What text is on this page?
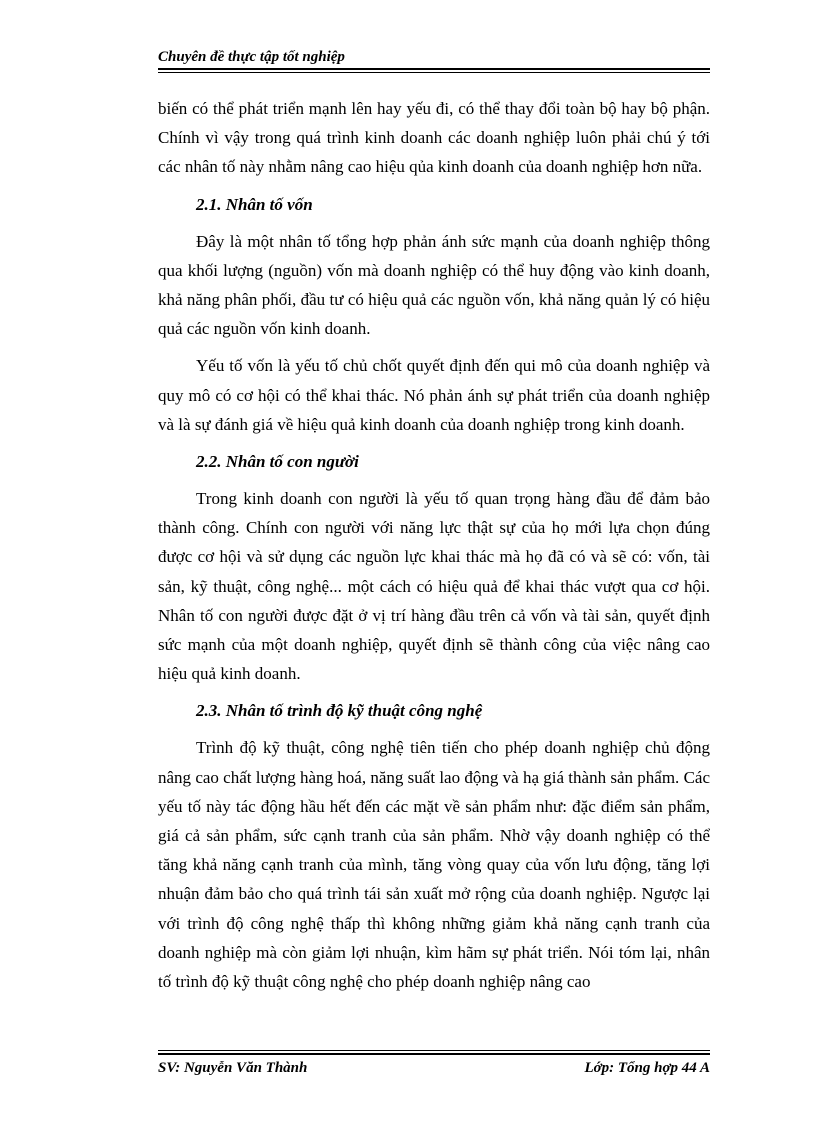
Chuyên đề thực tập tốt nghiệp

biến có thể phát triển mạnh lên hay yếu đi, có thể thay đổi toàn bộ hay bộ phận. Chính vì vậy trong quá trình kinh doanh các doanh nghiệp luôn phải chú ý tới các nhân tố này nhằm nâng cao hiệu qủa kinh doanh của doanh nghiệp hơn nữa.

2.1. Nhân tố vốn

Đây là một nhân tố tổng hợp phản ánh sức mạnh của doanh nghiệp thông qua khối lượng (nguồn) vốn mà doanh nghiệp có thể huy động vào kinh doanh, khả năng phân phối, đầu tư có hiệu quả các nguồn vốn, khả năng quản lý có hiệu quả các nguồn vốn kinh doanh.

Yếu tố vốn là yếu tố chủ chốt quyết định đến qui mô của doanh nghiệp và quy mô có cơ hội có thể khai thác. Nó phản ánh sự phát triển của doanh nghiệp và là sự đánh giá về hiệu quả kinh doanh của doanh nghiệp trong kinh doanh.

2.2. Nhân tố con người

Trong kinh doanh con người là yếu tố quan trọng hàng đầu để đảm bảo thành công. Chính con người với năng lực thật sự của họ mới lựa chọn đúng được cơ hội và sử dụng các nguồn lực khai thác mà họ đã có và sẽ có: vốn, tài sản, kỹ thuật, công nghệ... một cách có hiệu quả để khai thác vượt qua cơ hội. Nhân tố con người được đặt ở vị trí hàng đầu trên cả vốn và tài sản, quyết định sức mạnh của một doanh nghiệp, quyết định sẽ thành công của việc nâng cao hiệu quả kinh doanh.

2.3. Nhân tố trình độ kỹ thuật công nghệ

Trình độ kỹ thuật, công nghệ tiên tiến cho phép doanh nghiệp chủ động nâng cao chất lượng hàng hoá, năng suất lao động và hạ giá thành sản phẩm. Các yếu tố này tác động hầu hết đến các mặt về sản phẩm như: đặc điểm sản phẩm, giá cả sản phẩm, sức cạnh tranh của sản phẩm. Nhờ vậy doanh nghiệp có thể tăng khả năng cạnh tranh của mình, tăng vòng quay của vốn lưu động, tăng lợi nhuận đảm bảo cho quá trình tái sản xuất mở rộng của doanh nghiệp. Ngược lại với trình độ công nghệ thấp thì không những giảm khả năng cạnh tranh của doanh nghiệp mà còn giảm lợi nhuận, kìm hãm sự phát triển. Nói tóm lại, nhân tố trình độ kỹ thuật công nghệ cho phép doanh nghiệp nâng cao

SV: Nguyễn Văn Thành	Lớp: Tổng hợp 44 A
